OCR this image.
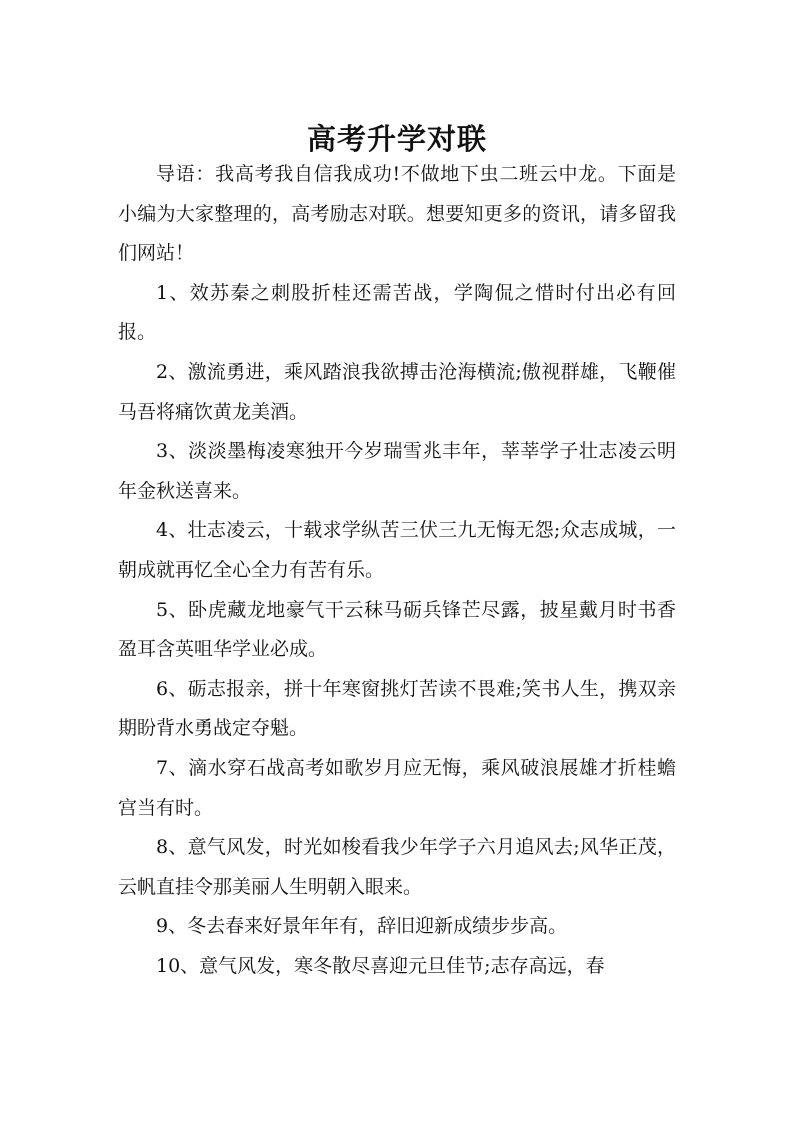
高考升学对联

导语：我高考我自信我成功!不做地下虫二班云中龙。下面是小编为大家整理的，高考励志对联。想要知更多的资讯，请多留我们网站！

1、效苏秦之刺股折桂还需苦战，学陶侃之惜时付出必有回报。

2、激流勇进，乘风踏浪我欲搏击沧海横流;傲视群雄，飞鞭催马吾将痛饮黄龙美酒。

3、淡淡墨梅凌寒独开今岁瑞雪兆丰年，莘莘学子壮志凌云明年金秋送喜来。

4、壮志凌云，十载求学纵苦三伏三九无悔无怨;众志成城，一朝成就再忆全心全力有苦有乐。

5、卧虎藏龙地豪气干云秣马砺兵锋芒尽露，披星戴月时书香盈耳含英咀华学业必成。

6、砺志报亲，拼十年寒窗挑灯苦读不畏难;笑书人生，携双亲期盼背水勇战定夺魁。

7、滴水穿石战高考如歌岁月应无悔，乘风破浪展雄才折桂蟾宫当有时。

8、意气风发，时光如梭看我少年学子六月追风去;风华正茂，云帆直挂令那美丽人生明朝入眼来。

9、冬去春来好景年年有，辞旧迎新成绩步步高。

10、意气风发，寒冬散尽喜迎元旦佳节;志存高远，春
